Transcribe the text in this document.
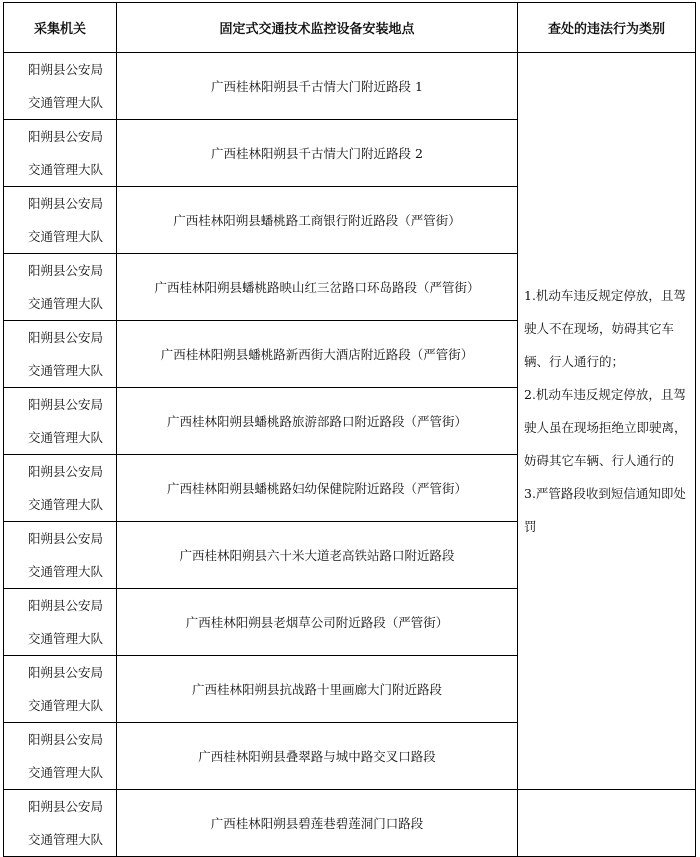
采集机关	固定式交通技术监控设备安装地点	查处的违法行为类别

阳朔县公安局
交通管理大队	广西桂林阳朔县千古情大门附近路段 1	1.机动车违反规定停放，且驾驶人不在现场，妨碍其它车辆、行人通行的；
2.机动车违反规定停放，且驾驶人虽在现场拒绝立即驶离，妨碍其它车辆、行人通行的
3.严管路段收到短信通知即处罚

阳朔县公安局
交通管理大队	广西桂林阳朔县千古情大门附近路段 2	

阳朔县公安局
交通管理大队	广西桂林阳朔县蟠桃路工商银行附近路段（严管街）	

阳朔县公安局
交通管理大队	广西桂林阳朔县蟠桃路映山红三岔路口环岛路段（严管街）	

阳朔县公安局
交通管理大队	广西桂林阳朔县蟠桃路新西街大酒店附近路段（严管街）	

阳朔县公安局
交通管理大队	广西桂林阳朔县蟠桃路旅游部路口附近路段（严管街）	

阳朔县公安局
交通管理大队	广西桂林阳朔县蟠桃路妇幼保健院附近路段（严管街）	

阳朔县公安局
交通管理大队	广西桂林阳朔县六十米大道老高铁站路口附近路段	

阳朔县公安局
交通管理大队	广西桂林阳朔县老烟草公司附近路段（严管街）	

阳朔县公安局
交通管理大队	广西桂林阳朔县抗战路十里画廊大门附近路段	

阳朔县公安局
交通管理大队	广西桂林阳朔县叠翠路与城中路交叉口路段	

阳朔县公安局
交通管理大队	广西桂林阳朔县碧莲巷碧莲洞门口路段	
